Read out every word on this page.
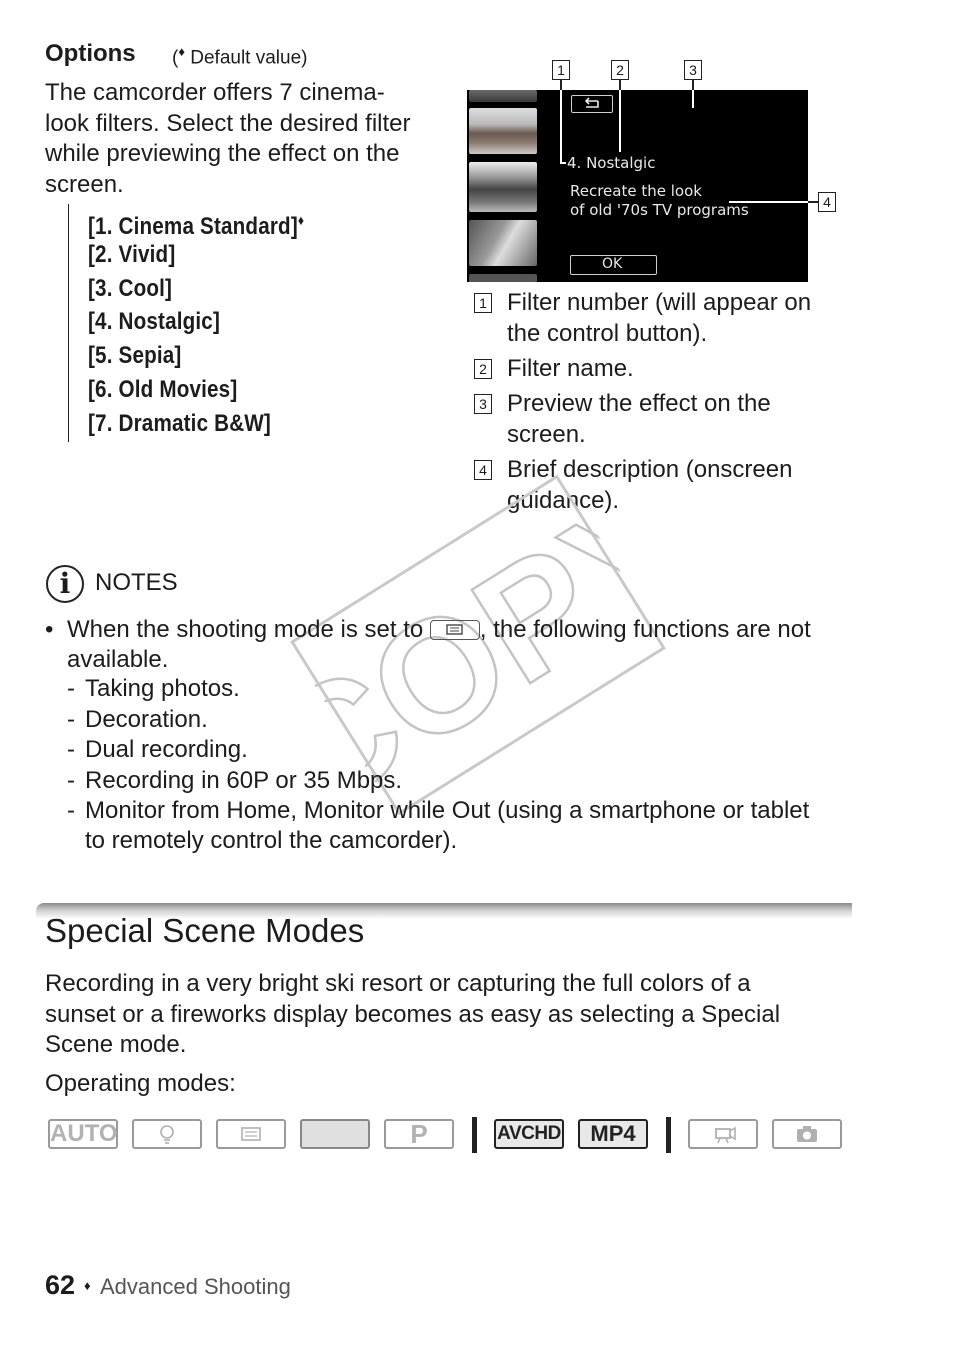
Options (♦ Default value)
The camcorder offers 7 cinema-
look filters. Select the desired filter
while previewing the effect on the
screen.
[1. Cinema Standard]♦
[2. Vivid]
[3. Cool]
[4. Nostalgic]
[5. Sepia]
[6. Old Movies]
[7. Dramatic B&W]
1	2	3
4
4. Nostalgic
Recreate the look
of old '70s TV programs
OK
1 Filter number (will appear on
the control button).
2 Filter name.
3 Preview the effect on the
screen.
4 Brief description (onscreen
guidance).
COPY
i	NOTES
• When the shooting mode is set to , the following functions are not
available.
- Taking photos.
- Decoration.
- Dual recording.
- Recording in 60P or 35 Mbps.
- Monitor from Home, Monitor while Out (using a smartphone or tablet
to remotely control the camcorder).
Special Scene Modes
Recording in a very bright ski resort or capturing the full colors of a
sunset or a fireworks display becomes as easy as selecting a Special
Scene mode.
Operating modes:
AUTO	P	AVCHD	MP4
62 ♦ Advanced Shooting
